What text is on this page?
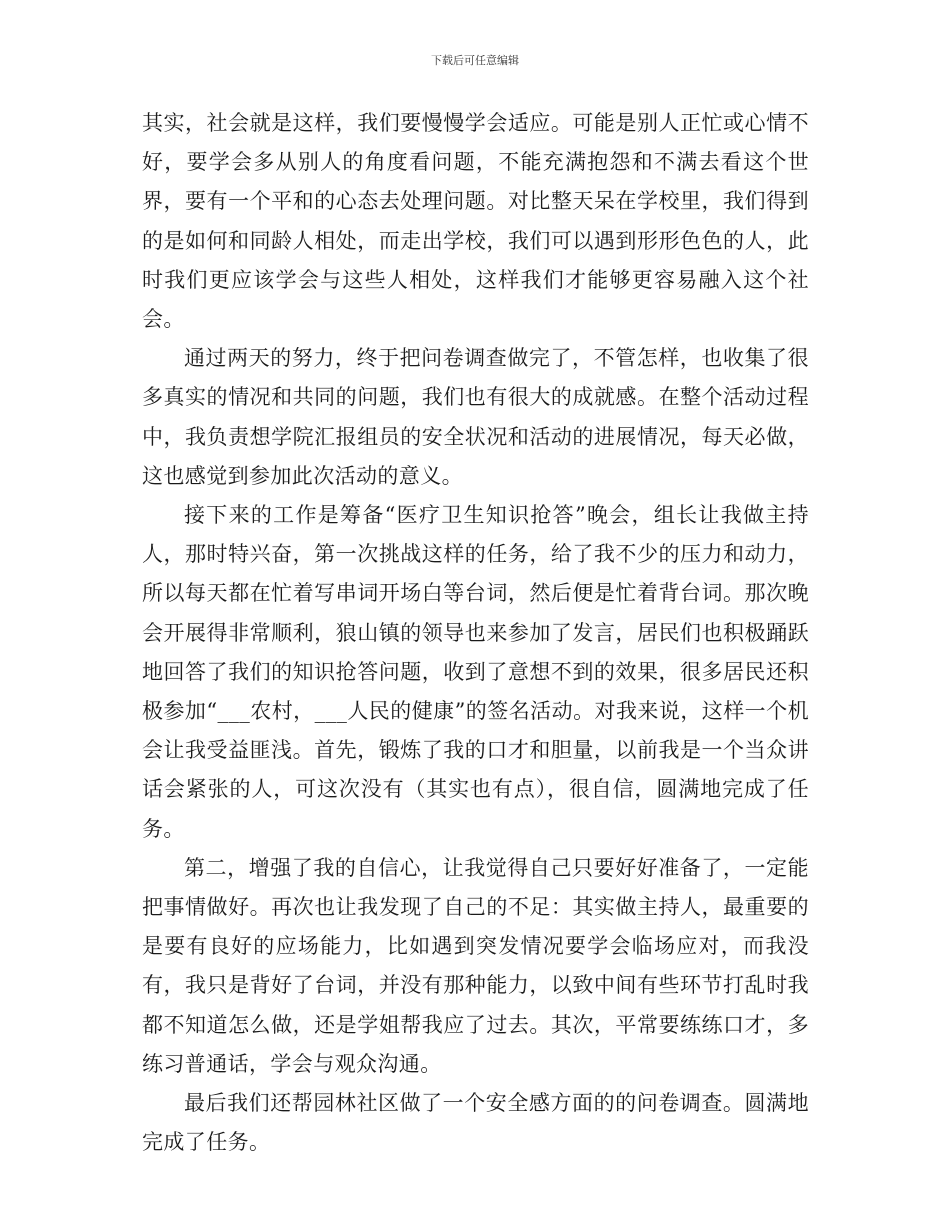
下载后可任意编辑

其实，社会就是这样，我们要慢慢学会适应。可能是别人正忙或心情不好，要学会多从别人的角度看问题，不能充满抱怨和不满去看这个世界，要有一个平和的心态去处理问题。对比整天呆在学校里，我们得到的是如何和同龄人相处，而走出学校，我们可以遇到形形色色的人，此时我们更应该学会与这些人相处，这样我们才能够更容易融入这个社会。

通过两天的努力，终于把问卷调查做完了，不管怎样，也收集了很多真实的情况和共同的问题，我们也有很大的成就感。在整个活动过程中，我负责想学院汇报组员的安全状况和活动的进展情况，每天必做，这也感觉到参加此次活动的意义。

接下来的工作是筹备“医疗卫生知识抢答”晚会，组长让我做主持人，那时特兴奋，第一次挑战这样的任务，给了我不少的压力和动力，所以每天都在忙着写串词开场白等台词，然后便是忙着背台词。那次晚会开展得非常顺利，狼山镇的领导也来参加了发言，居民们也积极踊跃地回答了我们的知识抢答问题，收到了意想不到的效果，很多居民还积极参加“___农村，___人民的健康”的签名活动。对我来说，这样一个机会让我受益匪浅。首先，锻炼了我的口才和胆量，以前我是一个当众讲话会紧张的人，可这次没有（其实也有点），很自信，圆满地完成了任务。

第二，增强了我的自信心，让我觉得自己只要好好准备了，一定能把事情做好。再次也让我发现了自己的不足：其实做主持人，最重要的是要有良好的应场能力，比如遇到突发情况要学会临场应对，而我没有，我只是背好了台词，并没有那种能力，以致中间有些环节打乱时我都不知道怎么做，还是学姐帮我应了过去。其次，平常要练练口才，多练习普通话，学会与观众沟通。

最后我们还帮园林社区做了一个安全感方面的的问卷调查。圆满地完成了任务。
